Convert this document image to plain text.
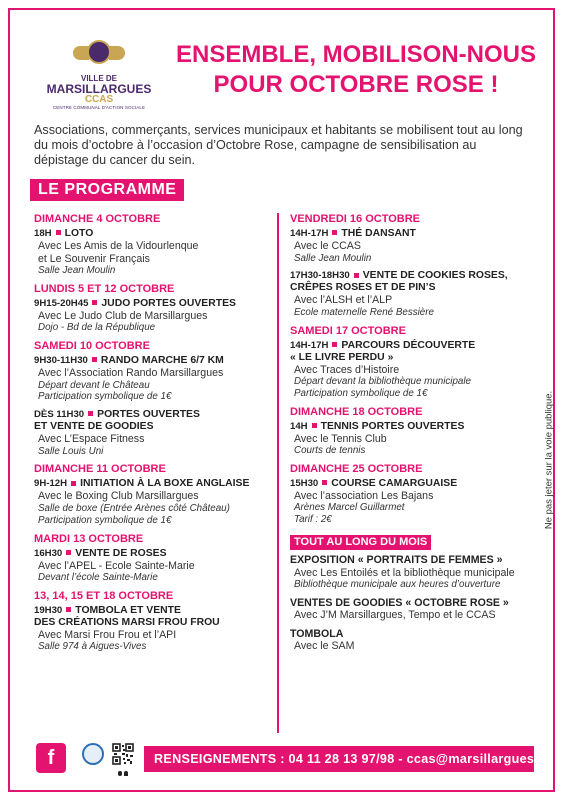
VILLE DE
MARSILLARGUES
CCAS
CENTRE COMMUNAL D'ACTION SOCIALE
ENSEMBLE, MOBILISON-NOUS
POUR OCTOBRE ROSE !
Associations, commerçants, services municipaux et habitants se mobilisent tout au long du mois d’octobre à l’occasion d’Octobre Rose, campagne de sensibilisation au dépistage du cancer du sein.
LE PROGRAMME
DIMANCHE 4 OCTOBRE
18H LOTO
Avec Les Amis de la Vidourlenque
et Le Souvenir Français
Salle Jean Moulin
LUNDIS 5 ET 12 OCTOBRE
9H15-20H45 JUDO PORTES OUVERTES
Avec Le Judo Club de Marsillargues
Dojo - Bd de la République
SAMEDI 10 OCTOBRE
9H30-11H30 RANDO MARCHE 6/7 KM
Avec l’Association Rando Marsillargues
Départ devant le Château
Participation symbolique de 1€
DÈS 11H30 PORTES OUVERTES
ET VENTE DE GOODIES
Avec L’Espace Fitness
Salle Louis Uni
DIMANCHE 11 OCTOBRE
9H-12H INITIATION À LA BOXE ANGLAISE
Avec le Boxing Club Marsillargues
Salle de boxe (Entrée Arènes côté Château)
Participation symbolique de 1€
MARDI 13 OCTOBRE
16H30 VENTE DE ROSES
Avec l’APEL - Ecole Sainte-Marie
Devant l’école Sainte-Marie
13, 14, 15 ET 18 OCTOBRE
19H30 TOMBOLA ET VENTE
DES CRÉATIONS MARSI FROU FROU
Avec Marsi Frou Frou et l’API
Salle 974 à Aigues-Vives
VENDREDI 16 OCTOBRE
14H-17H THÉ DANSANT
Avec le CCAS
Salle Jean Moulin
17H30-18H30 VENTE DE COOKIES ROSES,
CRÊPES ROSES ET DE PIN’S
Avec l’ALSH et l’ALP
Ecole maternelle René Bessière
SAMEDI 17 OCTOBRE
14H-17H PARCOURS DÉCOUVERTE
« LE LIVRE PERDU »
Avec Traces d’Histoire
Départ devant la bibliothèque municipale
Participation symbolique de 1€
DIMANCHE 18 OCTOBRE
14H TENNIS PORTES OUVERTES
Avec le Tennis Club
Courts de tennis
DIMANCHE 25 OCTOBRE
15H30 COURSE CAMARGUAISE
Avec l’association Les Bajans
Arènes Marcel Guillarmet
Tarif : 2€
TOUT AU LONG DU MOIS
EXPOSITION « PORTRAITS DE FEMMES »
Avec Les Entoilés et la bibliothèque municipale
Bibliothèque municipale aux heures d’ouverture
VENTES DE GOODIES « OCTOBRE ROSE »
Avec J’M Marsillargues, Tempo et le CCAS
TOMBOLA
Avec le SAM
Ne pas jeter sur la voie publique.
f	RENSEIGNEMENTS : 04 11 28 13 97/98 - ccas@marsillargues.fr
